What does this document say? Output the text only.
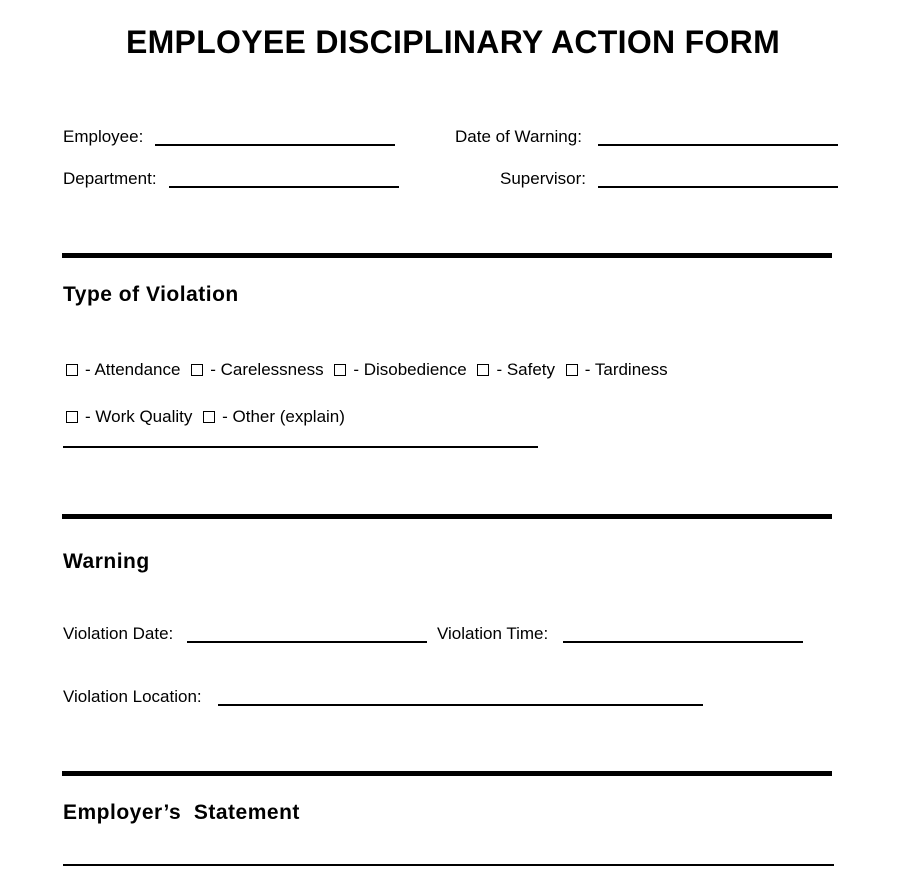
EMPLOYEE DISCIPLINARY ACTION FORM
Employee:	Date of Warning:
Department:	Supervisor:
Type of Violation
- Attendance - Carelessness - Disobedience - Safety - Tardiness
- Work Quality - Other (explain)
Warning
Violation Date:	Violation Time:
Violation Location:
Employer’s  Statement
